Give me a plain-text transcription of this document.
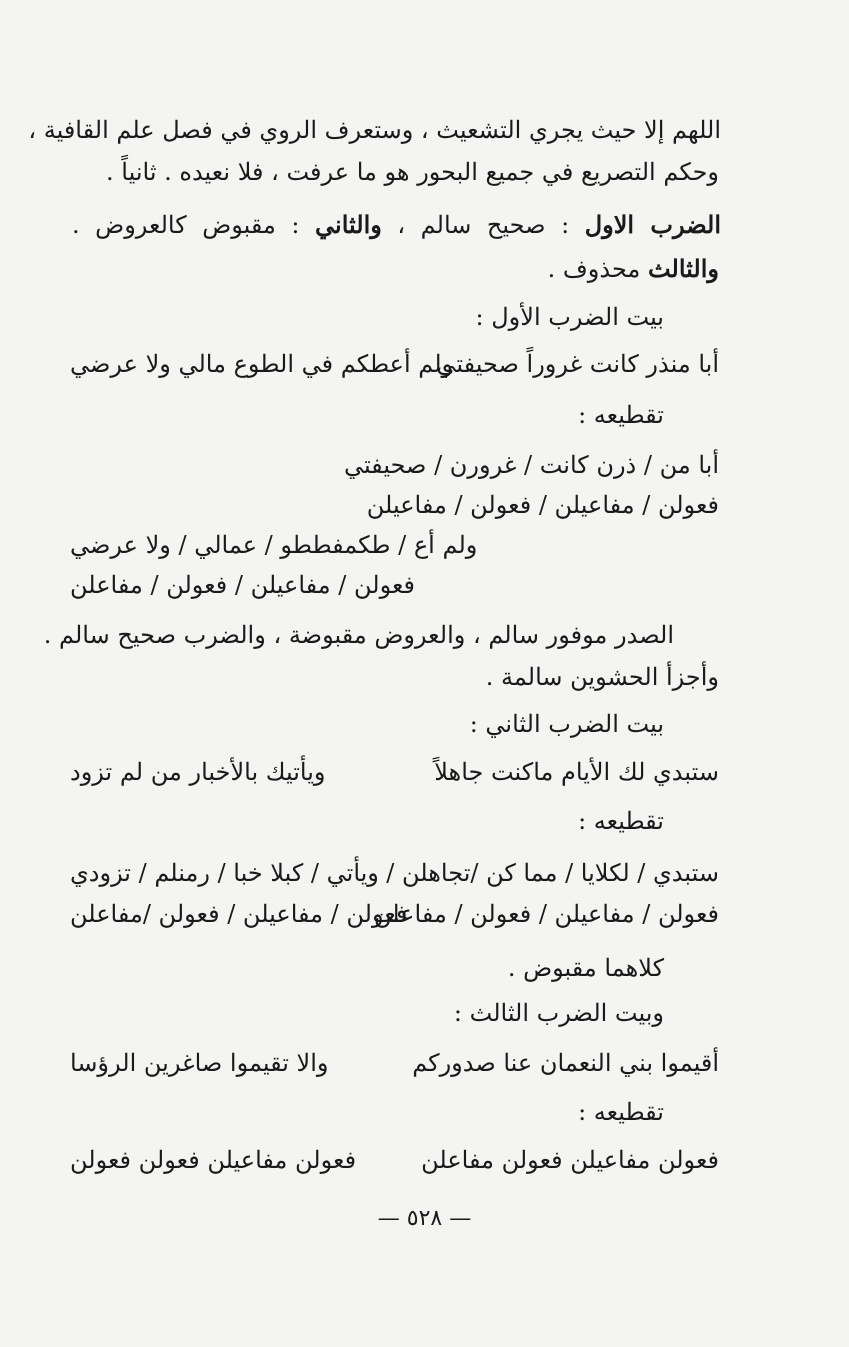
اللهم إلا حيث يجري التشعيث ، وستعرف الروي في فصل علم القافية ،
وحكم التصريع في جميع البحور هو ما عرفت ، فلا نعيده . ثانياً .
الضرب الاول : صحيح سالم ، والثاني : مقبوض كالعروض .
والثالث محذوف .
بيت الضرب الأول :
أبا منذر كانت غروراً صحيفتي
ولم أعطكم في الطوع مالي ولا عرضي
تقطيعه :
أبا من / ذرن كانت / غرورن / صحيفتي
فعولن / مفاعيلن / فعولن / مفاعيلن
ولم أع / طكمفططو / عمالي / ولا عرضي
فعولن / مفاعيلن / فعولن / مفاعلن
الصدر موفور سالم ، والعروض مقبوضة ، والضرب صحيح سالم .
وأجزأ الحشوين سالمة .
بيت الضرب الثاني :
ستبدي لك الأيام ماكنت جاهلاً
ويأتيك بالأخبار من لم تزود
تقطيعه :
ستبدي / لكلايا / مما كن /تجاهلن /
ويأتي / كبلا خبا / رمنلم / تزودي
فعولن / مفاعيلن / فعولن / مفاعلن
فعولن / مفاعيلن / فعولن /مفاعلن
كلاهما مقبوض .
وبيت الضرب الثالث :
أقيموا بني النعمان عنا صدوركم
والا تقيموا صاغرين الرؤسا
تقطيعه :
فعولن مفاعيلن فعولن مفاعلن
فعولن مفاعيلن فعولن فعولن
— ٥٢٨ —
